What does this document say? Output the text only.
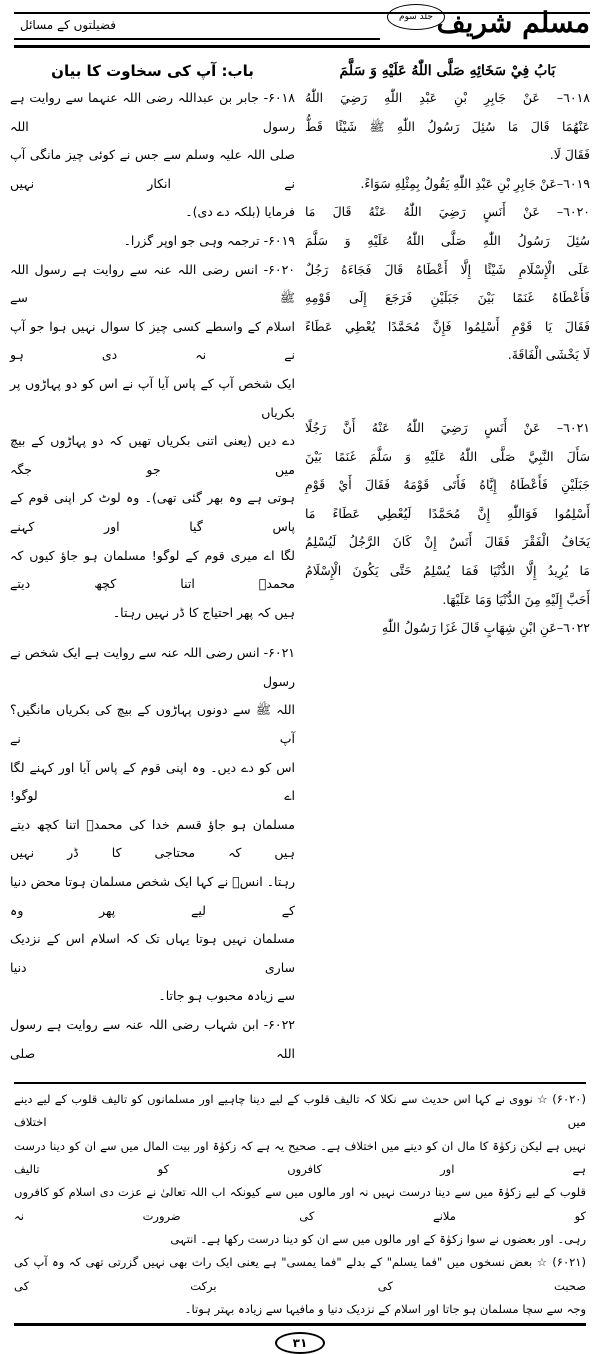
مسلم شریف
جلد سوم
فضیلتوں کے مسائل
باب: آپ کی سخاوت کا بیان	بَابُ فِيْ سَخَائِهِ صَلَّى اللّٰهُ عَلَيْهِ وَ سَلَّمَ
۶۰۱۸- جابر بن عبداللہ رضی اللہ عنہما سے روایت ہے رسول اللہ
صلی اللہ علیہ وسلم سے جس نے کوئی چیز مانگی آپ نے انکار نہیں
فرمایا (بلکہ دے دی)۔
۶۰۱۹- ترجمہ وہی جو اوپر گزرا۔
۶۰۲۰- انس رضی اللہ عنہ سے روایت ہے رسول اللہ ﷺ سے
اسلام کے واسطے کسی چیز کا سوال نہیں ہوا جو آپ نے نہ دی ہو
ایک شخص آپ کے پاس آیا آپ نے اس کو دو پہاڑوں پر بکریاں
دے دیں (یعنی اتنی بکریاں تھیں کہ دو پہاڑوں کے بیچ میں جو جگہ
ہوتی ہے وہ بھر گئی تھی)۔ وہ لوٹ کر اپنی قوم کے پاس گیا اور کہنے
لگا اے میری قوم کے لوگو! مسلمان ہو جاؤ کیوں کہ محمدؐ اتنا کچھ دیتے
ہیں کہ پھر احتیاج کا ڈر نہیں رہتا۔
۶۰۲۱- انس رضی اللہ عنہ سے روایت ہے ایک شخص نے رسول
اللہ ﷺ سے دونوں پہاڑوں کے بیچ کی بکریاں مانگیں؟ آپ نے
اس کو دے دیں۔ وہ اپنی قوم کے پاس آیا اور کہنے لگا اے لوگو!
مسلمان ہو جاؤ قسم خدا کی محمدؐ اتنا کچھ دیتے ہیں کہ محتاجی کا ڈر نہیں
رہتا۔ انسؓ نے کہا ایک شخص مسلمان ہوتا محض دنیا کے لیے پھر وہ
مسلمان نہیں ہوتا یہاں تک کہ اسلام اس کے نزدیک ساری دنیا
سے زیادہ محبوب ہو جاتا۔
۶۰۲۲- ابن شہاب رضی اللہ عنہ سے روایت ہے رسول اللہ صلی
٦٠١٨– عَنْ جَابِرِ بْنِ عَبْدِ اللّٰهِ رَضِيَ اللّٰهُ
عَنْهُمَا قَالَ مَا سُئِلَ رَسُولُ اللّٰهِ ﷺ شَيْئًا قَطُّ
فَقَالَ لَا.
٦٠١٩–عَنْ جَابِرِ بْنِ عَبْدِ اللّٰهِ يَقُولُ بِمِثْلِهِ سَوَاءً.
٦٠٢٠– عَنْ أَنَسٍ رَضِيَ اللّٰهُ عَنْهُ قَالَ مَا
سُئِلَ رَسُولُ اللّٰهِ صَلَّى اللّٰهُ عَلَيْهِ وَ سَلَّمَ
عَلَى الْإِسْلَامِ شَيْئًا إِلَّا أَعْطَاهُ قَالَ فَجَاءَهُ رَجُلٌ
فَأَعْطَاهُ غَنَمًا بَيْنَ جَبَلَيْنِ فَرَجَعَ إِلَى قَوْمِهِ
فَقَالَ يَا قَوْمِ أَسْلِمُوا فَإِنَّ مُحَمَّدًا يُعْطِي عَطَاءً
لَا يَخْشَى الْفَاقَةَ.
٦٠٢١– عَنْ أَنَسٍ رَضِيَ اللّٰهُ عَنْهُ أَنَّ رَجُلًا
سَأَلَ النَّبِيَّ صَلَّى اللّٰهُ عَلَيْهِ وَ سَلَّمَ غَنَمًا بَيْنَ
جَبَلَيْنِ فَأَعْطَاهُ إِيَّاهُ فَأَتَى قَوْمَهُ فَقَالَ أَيْ قَوْمِ
أَسْلِمُوا فَوَاللّٰهِ إِنَّ مُحَمَّدًا لَيُعْطِي عَطَاءً مَا
يَخَافُ الْفَقْرَ فَقَالَ أَنَسٌ إِنْ كَانَ الرَّجُلُ لَيُسْلِمُ
مَا يُرِيدُ إِلَّا الدُّنْيَا فَمَا يُسْلِمُ حَتَّى يَكُونَ الْإِسْلَامُ
أَحَبَّ إِلَيْهِ مِنَ الدُّنْيَا وَمَا عَلَيْهَا.
٦٠٢٢–عَنِ ابْنِ شِهَابٍ قَالَ غَزَا رَسُولُ اللّٰهِ
(۶۰۲۰) ☆ نووی نے کہا اس حدیث سے نکلا کہ تالیف قلوب کے لیے دینا چاہیے اور مسلمانوں کو تالیف قلوب کے لیے دینے میں اختلاف
نہیں ہے لیکن زکوٰۃ کا مال ان کو دینے میں اختلاف ہے۔ صحیح یہ ہے کہ زکوٰۃ اور بیت المال میں سے ان کو دینا درست ہے اور کافروں کو تالیف
قلوب کے لیے زکوٰۃ میں سے دینا درست نہیں نہ اور مالوں میں سے کیونکہ اب اللہ تعالیٰ نے عزت دی اسلام کو کافروں کو ملانے کی ضرورت نہ
رہی۔ اور بعضوں نے سوا زکوٰۃ کے اور مالوں میں سے ان کو دینا درست رکھا ہے۔ انتہی
(۶۰۲۱) ☆ بعض نسخوں میں "فما یسلم" کے بدلے "فما یمسی" ہے یعنی ایک رات بھی نہیں گزرتی تھی کہ وہ آپ کی صحبت کی برکت کی
وجہ سے سچا مسلمان ہو جاتا اور اسلام کے نزدیک دنیا و مافیہا سے زیادہ بہتر ہوتا۔
۳۱
